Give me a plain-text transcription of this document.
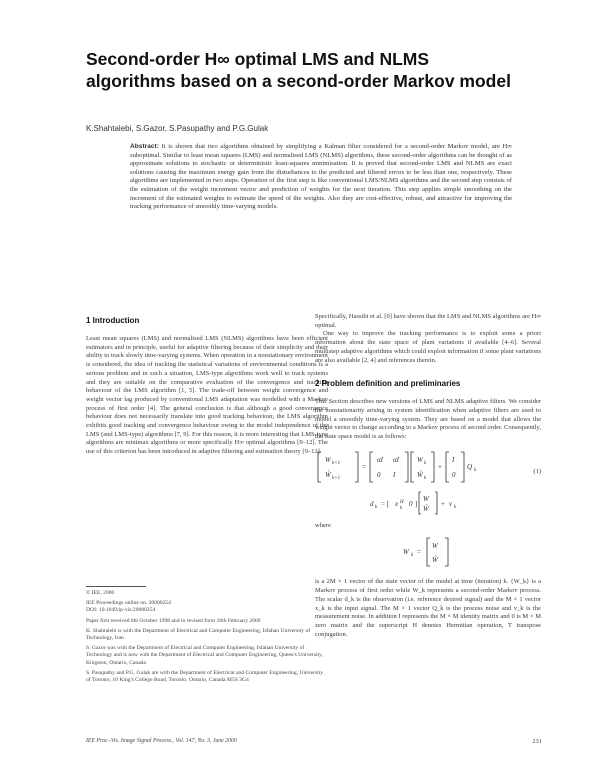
Second-order H∞ optimal LMS and NLMS
algorithms based on a second-order Markov model
K.Shahtalebi, S.Gazor, S.Pasupathy and P.G.Gulak
Abstract: It is shown that two algorithms obtained by simplifying a Kalman filter considered for a second-order Markov model, are H∞ suboptimal. Similar to least mean squares (LMS) and normalised LMS (NLMS) algorithms, these second-order algorithms can be thought of as approximate solutions to stochastic or deterministic least-squares minimisation. It is proved that second-order LMS and NLMS are exact solutions causing the maximum energy gain from the disturbances to the predicted and filtered errors to be less than one, respectively. These algorithms are implemented in two steps. Operation of the first step is like conventional LMS/NLMS algorithms and the second step consists of the estimation of the weight increment vector and prediction of weights for the next iteration. This step applies simple smoothing on the increment of the estimated weights to estimate the speed of the weights. Also they are cost-effective, robust, and attractive for improving the tracking performance of smoothly time-varying models.
1 Introduction

Least mean squares (LMS) and normalised LMS (NLMS) algorithms have been efficient estimators and in principle, useful for adaptive filtering because of their simplicity and their ability to track slowly time-varying systems. When operation in a nonstationary environment is considered, the idea of tracking the statistical variations of environmental conditions is a serious problem and in such a situation, LMS-type algorithms work well to track systems and they are suitable on the comparative evaluation of the convergence and tracking behaviour of the LMS algorithm [1, 5]. The trade-off between weight convergence and weight vector lag produced by conventional LMS adaptation was modelled with a Markov process of first order [4]. The general conclusion is that although a good convergence behaviour does not necessarily translate into good tracking behaviour, the LMS algorithm exhibits good tracking and convergence behaviour owing to the model independence of the LMS (and LMS-type) algorithms [7, 9]. For this reason, it is more interesting that LMS-type algorithms are minimax algorithms or more specifically H∞ optimal algorithms [9–12]. The use of this criterion has been introduced in adaptive filtering and estimation theory [9–12].

Specifically, Hassibi et al. [9] have shown that the LMS and NLMS algorithms are H∞ optimal.

One way to improve the tracking performance is to exploit some a priori information about the state space of plant variations if available [4–6]. Several multistep adaptive algorithms which could exploit information if some plant variations are also available [2, 4] and references therein.

2 Problem definition and preliminaries

This Section describes new versions of LMS and NLMS adaptive filters. We consider the nonstationarity arising in system identification when adaptive filters are used to model a smoothly time-varying system. They are based on a model that allows the weight vector to change according to a Markov process of second order. Consequently, the state space model is as follows:

W k+1
Ŵ k+1
=
αI αI
0 I
W k
Ŵ k
+
I
0
Q k
d k = [ x H
k
0 ]
W
Ŵ
+ v k
(1)

where

W k =
W
Ŵ

is a 2M × 1 vector of the state vector of the model at time (iteration) k. {W_k} is a Markov process of first order while W_k represents a second-order Markov process. The scalar d_k is the observation (i.e. reference desired signal) and the M × 1 vector x_k is the input signal. The M × 1 vector Q_k is the process noise and v_k is the measurement noise. In addition I represents the M × M identity matrix and 0 is M × M zero matrix and the superscript H denotes Hermitian operation, T transpose conjugation.

© IEE, 2000

IEE Proceedings online no. 20000254

DOI: 10.1049/ip-vis:20000254

Paper first received 8th October 1998 and in revised form 18th February 2000

K. Shahtalebi is with the Department of Electrical and Computer Engineering, Isfahan University of Technology, Iran

S. Gazor was with the Department of Electrical and Computer Engineering, Isfahan University of Technology and is now with the Department of Electrical and Computer Engineering, Queen's University, Kingston, Ontario, Canada

S. Pasupathy and P.G. Gulak are with the Department of Electrical and Computer Engineering, University of Toronto, 10 King's College Road, Toronto, Ontario, Canada M5S 3G4

IEE Proc.-Vis. Image Signal Process., Vol. 147, No. 3, June 2000	231
